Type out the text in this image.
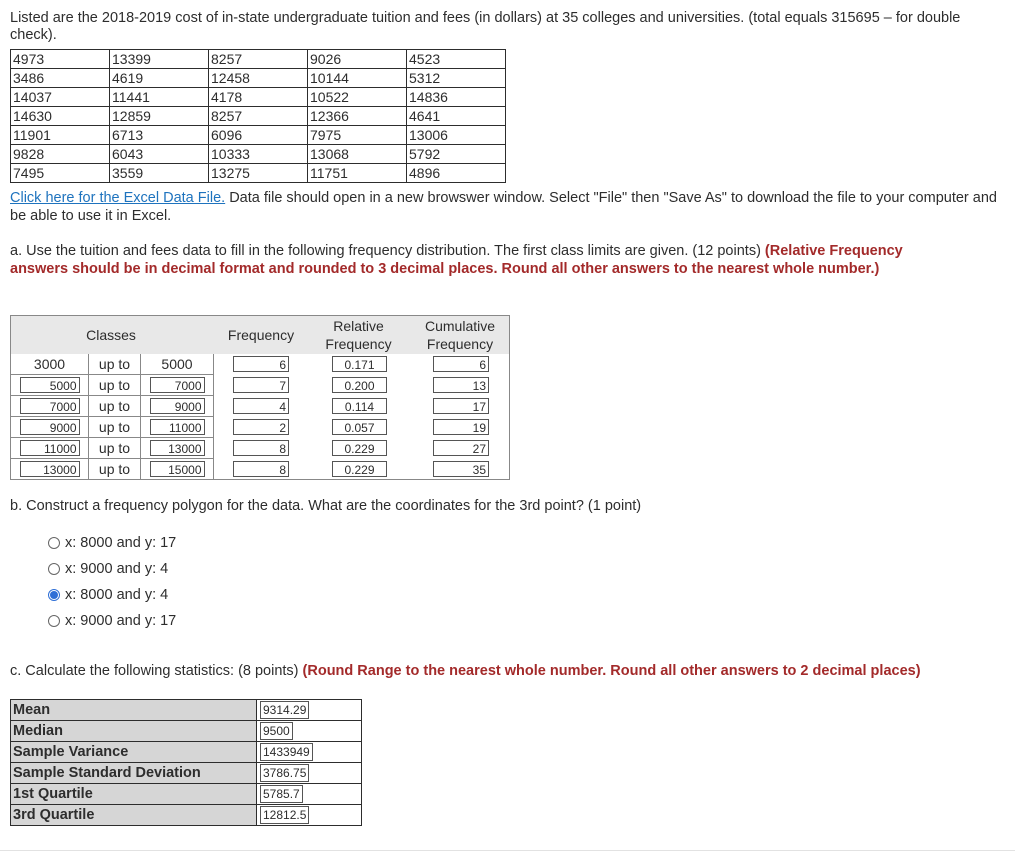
Listed are the 2018-2019 cost of in-state undergraduate tuition and fees (in dollars) at 35 colleges and universities. (total equals 315695 – for double check).
4973	13399	8257	9026	4523
3486	4619	12458	10144	5312
14037	11441	4178	10522	14836
14630	12859	8257	12366	4641
11901	6713	6096	7975	13006
9828	6043	10333	13068	5792
7495	3559	13275	11751	4896
Click here for the Excel Data File. Data file should open in a new browswer window. Select "File" then "Save As" to download the file to your computer and be able to use it in Excel.
a. Use the tuition and fees data to fill in the following frequency distribution. The first class limits are given. (12 points) (Relative Frequency answers should be in decimal format and rounded to 3 decimal places. Round all other answers to the nearest whole number.)
Classes	Frequency
Relative
Frequency
Cumulative
Frequency
3000	up to	5000	6	0.171	6
5000	up to	7000	7	0.200	13
7000	up to	9000	4	0.114	17
9000	up to	11000	2	0.057	19
11000	up to	13000	8	0.229	27
13000	up to	15000	8	0.229	35
b. Construct a frequency polygon for the data. What are the coordinates for the 3rd point? (1 point)
x: 8000 and y: 17
x: 9000 and y: 4
x: 8000 and y: 4
x: 9000 and y: 17
c. Calculate the following statistics: (8 points) (Round Range to the nearest whole number. Round all other answers to 2 decimal places)
Mean	9314.29
Median	9500
Sample Variance	1433949
Sample Standard Deviation	3786.75
1st Quartile	5785.7
3rd Quartile	12812.5
